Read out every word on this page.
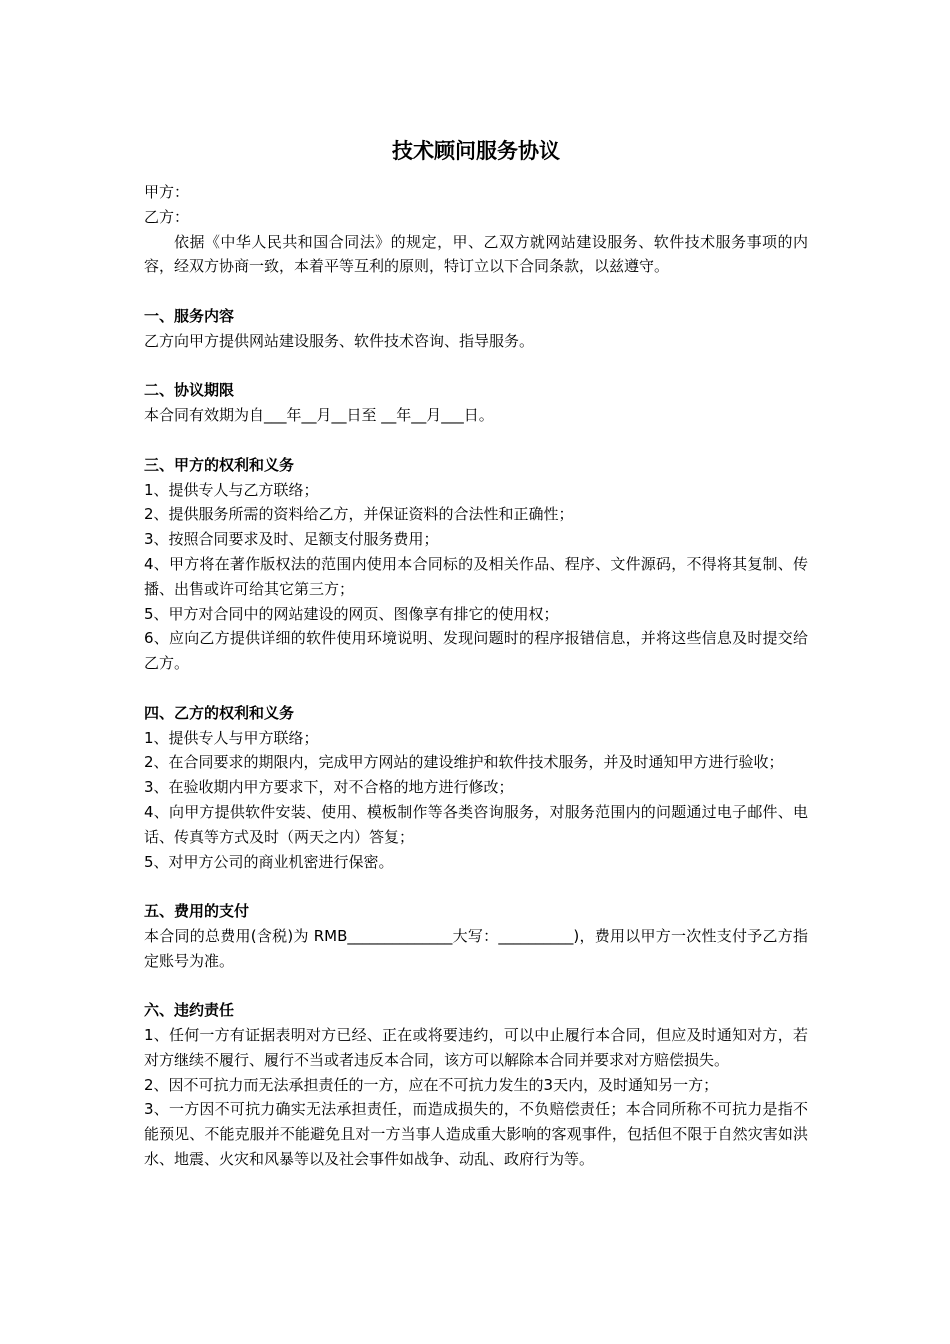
技术顾问服务协议

甲方：

乙方：

依据《中华人民共和国合同法》的规定，甲、乙双方就网站建设服务、软件技术服务事项的内容，经双方协商一致，本着平等互利的原则，特订立以下合同条款，以兹遵守。

一、服务内容

乙方向甲方提供网站建设服务、软件技术咨询、指导服务。

二、协议期限

本合同有效期为自___年__月__日至 __年__月___日。

三、甲方的权利和义务

1、提供专人与乙方联络；

2、提供服务所需的资料给乙方，并保证资料的合法性和正确性；

3、按照合同要求及时、足额支付服务费用；

4、甲方将在著作版权法的范围内使用本合同标的及相关作品、程序、文件源码，不得将其复制、传播、出售或许可给其它第三方；

5、甲方对合同中的网站建设的网页、图像享有排它的使用权；

6、应向乙方提供详细的软件使用环境说明、发现问题时的程序报错信息，并将这些信息及时提交给乙方。

四、乙方的权利和义务

1、提供专人与甲方联络；

2、在合同要求的期限内，完成甲方网站的建设维护和软件技术服务，并及时通知甲方进行验收；

3、在验收期内甲方要求下，对不合格的地方进行修改；

4、向甲方提供软件安装、使用、模板制作等各类咨询服务，对服务范围内的问题通过电子邮件、电话、传真等方式及时（两天之内）答复；

5、对甲方公司的商业机密进行保密。

五、费用的支付

本合同的总费用(含税)为 RMB______________大写：__________)，费用以甲方一次性支付予乙方指定账号为准。

六、违约责任

1、任何一方有证据表明对方已经、正在或将要违约，可以中止履行本合同，但应及时通知对方，若对方继续不履行、履行不当或者违反本合同，该方可以解除本合同并要求对方赔偿损失。

2、因不可抗力而无法承担责任的一方，应在不可抗力发生的3天内，及时通知另一方；

3、一方因不可抗力确实无法承担责任，而造成损失的，不负赔偿责任；本合同所称不可抗力是指不能预见、不能克服并不能避免且对一方当事人造成重大影响的客观事件，包括但不限于自然灾害如洪水、地震、火灾和风暴等以及社会事件如战争、动乱、政府行为等。
